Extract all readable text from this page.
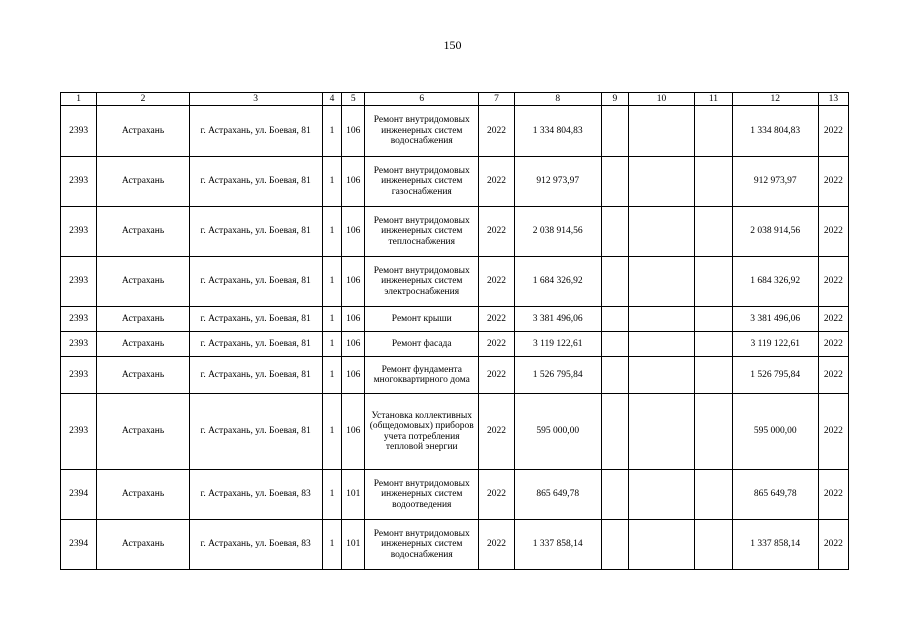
150
1	2	3	4	5	6	7	8	9	10	11	12	13
2393	Астрахань	г. Астрахань, ул. Боевая, 81	1	106	Ремонт внутридомовых инженерных систем водоснабжения	2022	1 334 804,83				1 334 804,83	2022
2393	Астрахань	г. Астрахань, ул. Боевая, 81	1	106	Ремонт внутридомовых инженерных систем газоснабжения	2022	912 973,97				912 973,97	2022
2393	Астрахань	г. Астрахань, ул. Боевая, 81	1	106	Ремонт внутридомовых инженерных систем теплоснабжения	2022	2 038 914,56				2 038 914,56	2022
2393	Астрахань	г. Астрахань, ул. Боевая, 81	1	106	Ремонт внутридомовых инженерных систем электроснабжения	2022	1 684 326,92				1 684 326,92	2022
2393	Астрахань	г. Астрахань, ул. Боевая, 81	1	106	Ремонт крыши	2022	3 381 496,06				3 381 496,06	2022
2393	Астрахань	г. Астрахань, ул. Боевая, 81	1	106	Ремонт фасада	2022	3 119 122,61				3 119 122,61	2022
2393	Астрахань	г. Астрахань, ул. Боевая, 81	1	106	Ремонт фундамента многоквартирного дома	2022	1 526 795,84				1 526 795,84	2022
2393	Астрахань	г. Астрахань, ул. Боевая, 81	1	106	Установка коллективных (общедомовых) приборов учета потребления тепловой энергии	2022	595 000,00				595 000,00	2022
2394	Астрахань	г. Астрахань, ул. Боевая, 83	1	101	Ремонт внутридомовых инженерных систем водоотведения	2022	865 649,78				865 649,78	2022
2394	Астрахань	г. Астрахань, ул. Боевая, 83	1	101	Ремонт внутридомовых инженерных систем водоснабжения	2022	1 337 858,14				1 337 858,14	2022
